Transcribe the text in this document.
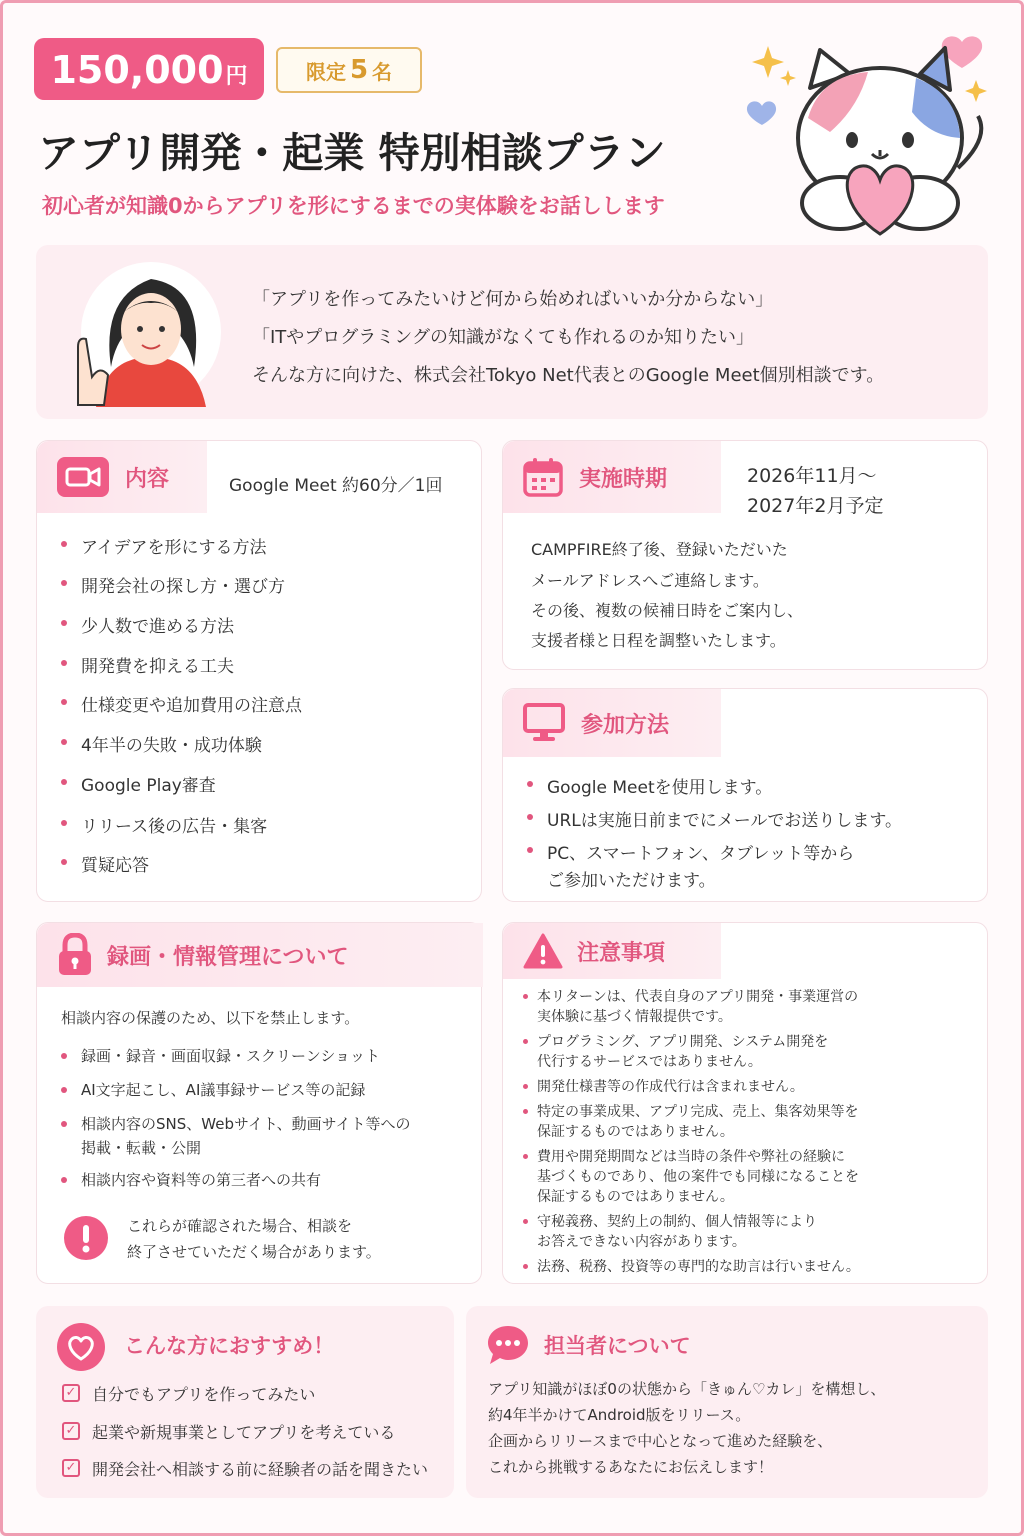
150,000 円	限定 5 名
アプリ開発・起業 特別相談プラン
初心者が知識0からアプリを形にするまでの実体験をお話しします
「アプリを作ってみたいけど何から始めればいいか分からない」
「ITやプログラミングの知識がなくても作れるのか知りたい」
そんな方に向けた、株式会社Tokyo Net代表とのGoogle Meet個別相談です。
内容	Google Meet 約60分／1回
アイデアを形にする方法
開発会社の探し方・選び方
少人数で進める方法
開発費を抑える工夫
仕様変更や追加費用の注意点
4年半の失敗・成功体験
Google Play審査
リリース後の広告・集客
質疑応答
実施時期	2026年11月～
2027年2月予定
CAMPFIRE終了後、登録いただいた
メールアドレスへご連絡します。
その後、複数の候補日時をご案内し、
支援者様と日程を調整いたします。
参加方法
Google Meetを使用します。
URLは実施日前までにメールでお送りします。
PC、スマートフォン、タブレット等から
ご参加いただけます。
録画・情報管理について
相談内容の保護のため、以下を禁止します。
録画・録音・画面収録・スクリーンショット
AI文字起こし、AI議事録サービス等の記録
相談内容のSNS、Webサイト、動画サイト等への
掲載・転載・公開
相談内容や資料等の第三者への共有
これらが確認された場合、相談を
終了させていただく場合があります。
注意事項
本リターンは、代表自身のアプリ開発・事業運営の
実体験に基づく情報提供です。
プログラミング、アプリ開発、システム開発を
代行するサービスではありません。
開発仕様書等の作成代行は含まれません。
特定の事業成果、アプリ完成、売上、集客効果等を
保証するものではありません。
費用や開発期間などは当時の条件や弊社の経験に
基づくものであり、他の案件でも同様になることを
保証するものではありません。
守秘義務、契約上の制約、個人情報等により
お答えできない内容があります。
法務、税務、投資等の専門的な助言は行いません。
こんな方におすすめ！
✓ 自分でもアプリを作ってみたい
✓ 起業や新規事業としてアプリを考えている
✓ 開発会社へ相談する前に経験者の話を聞きたい
担当者について
アプリ知識がほぼ0の状態から「きゅん♡カレ」を構想し、
約4年半かけてAndroid版をリリース。
企画からリリースまで中心となって進めた経験を、
これから挑戦するあなたにお伝えします！
